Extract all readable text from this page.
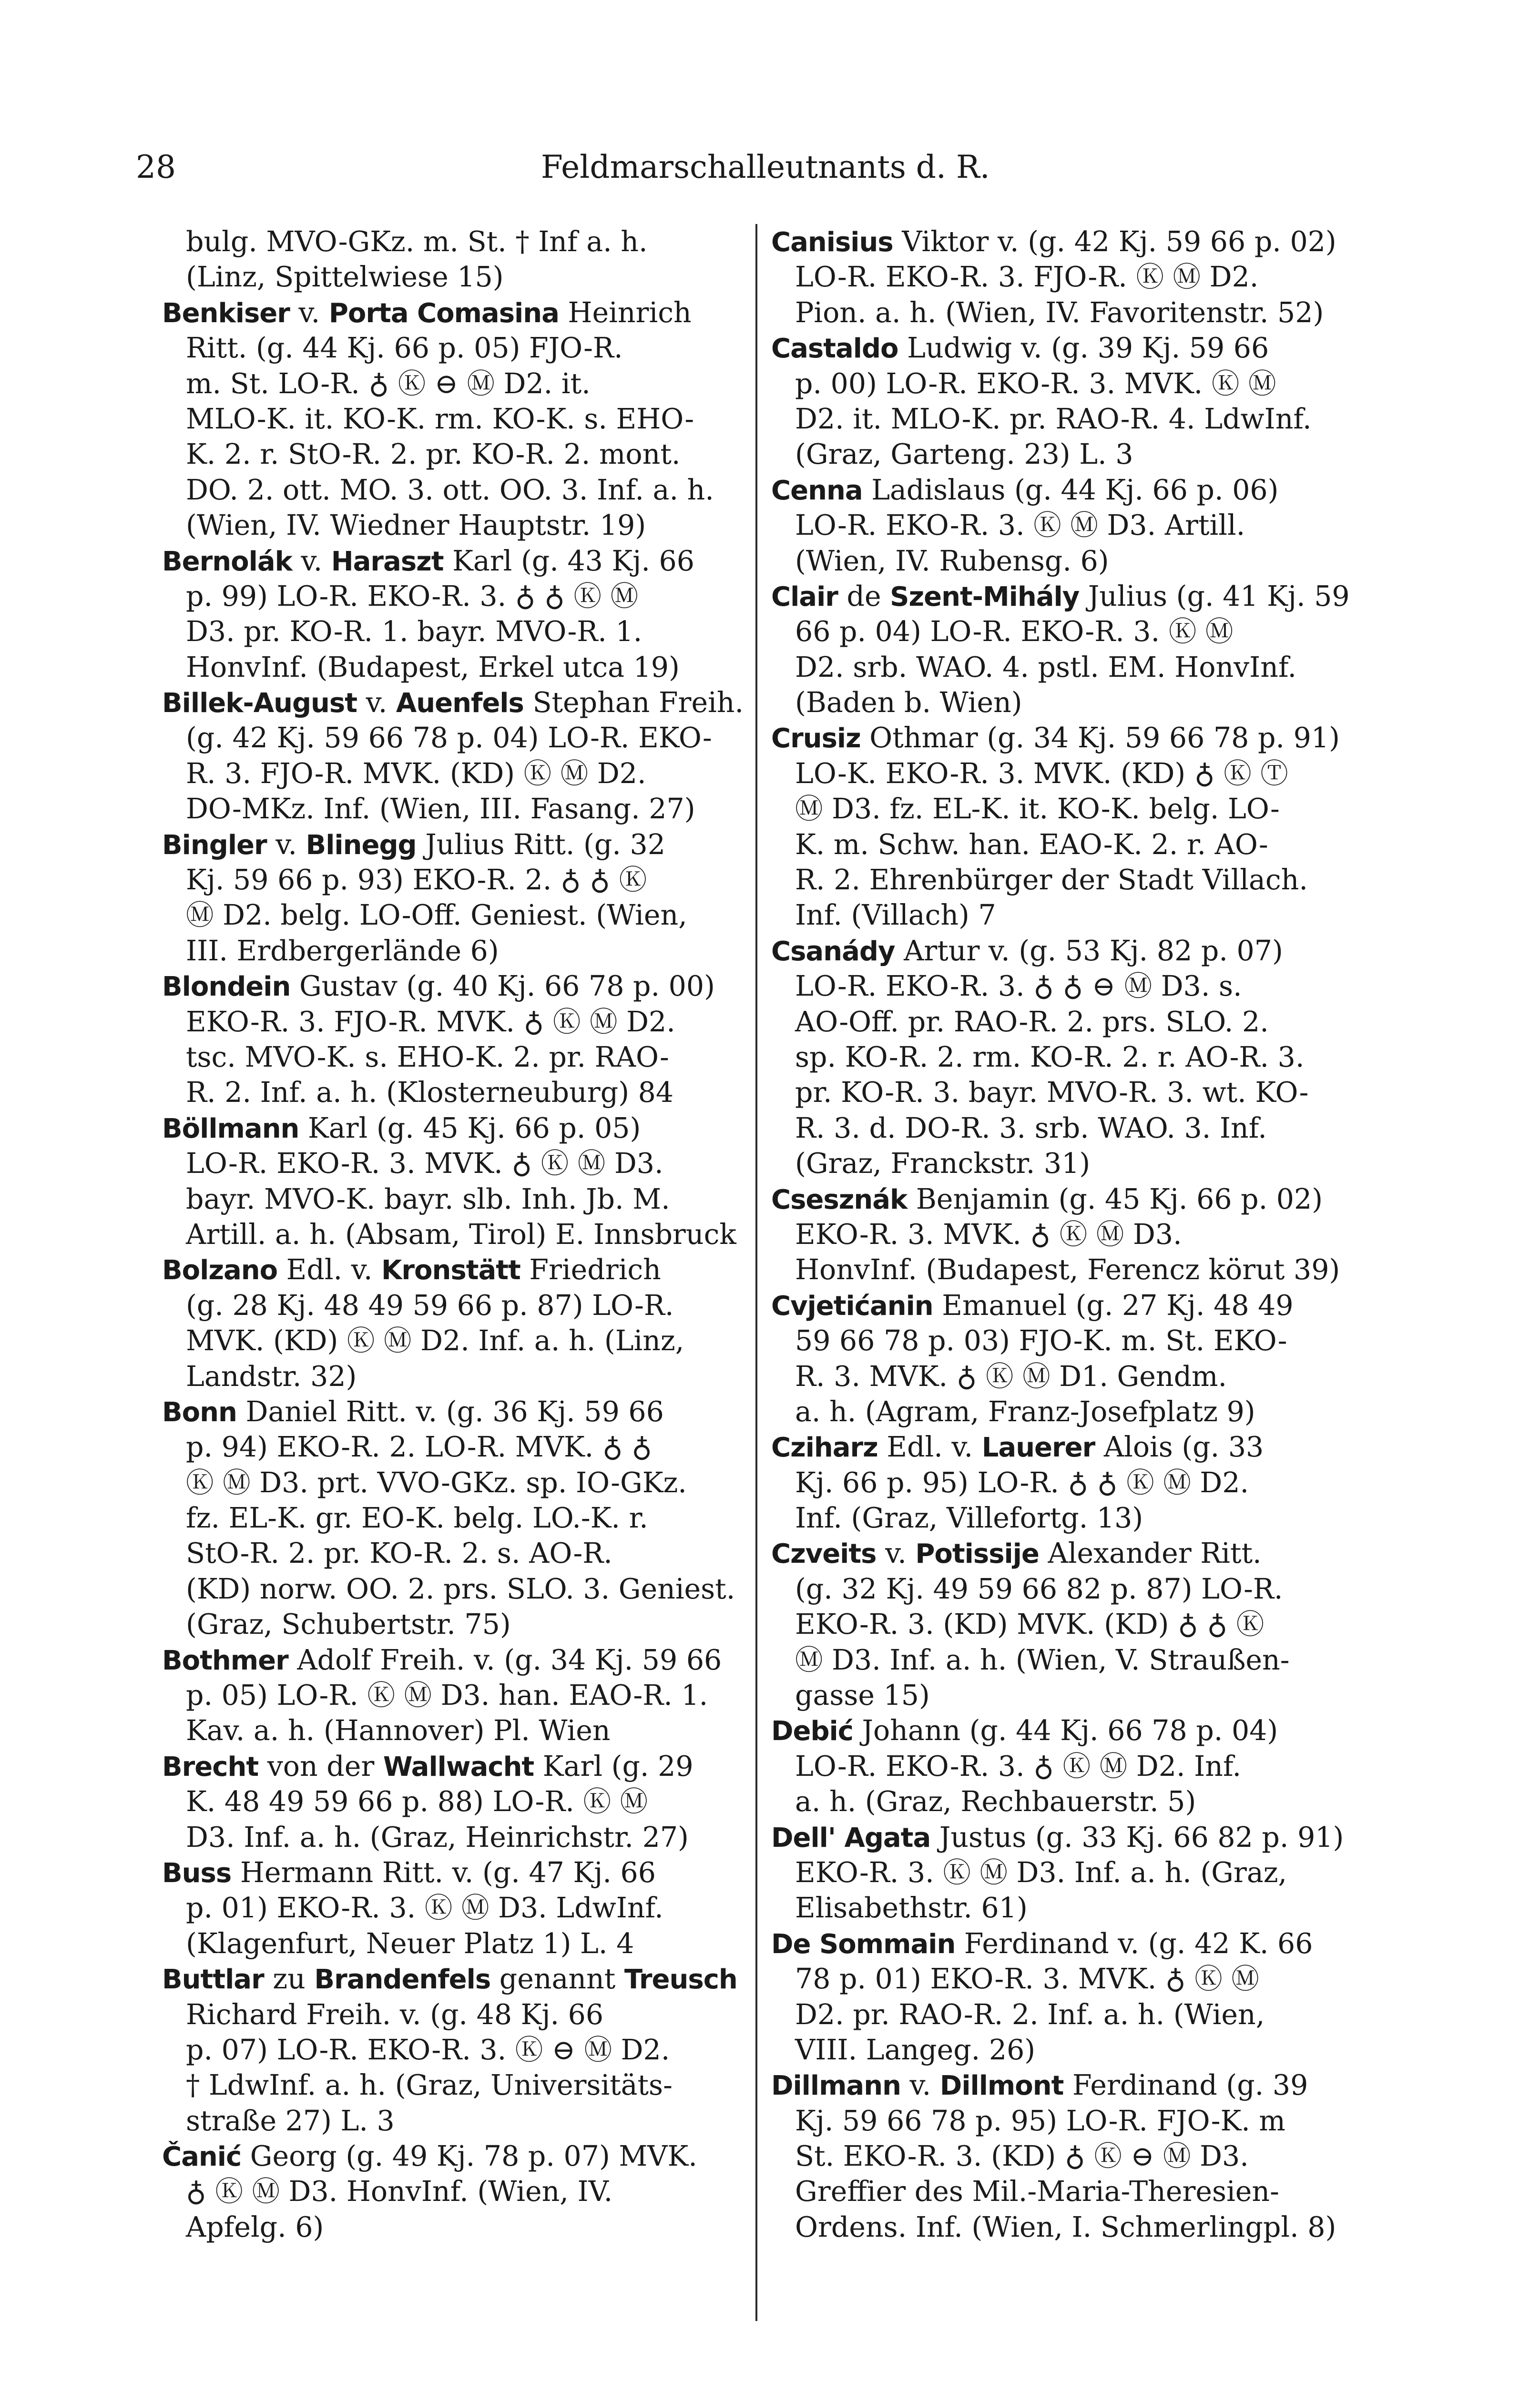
28	Feldmarschalleutnants d. R.
bulg. MVO-GKz. m. St. † Inf a. h.
(Linz, Spittelwiese 15)
Benkiser v. Porta Comasina Heinrich
Ritt. (g. 44 Kj. 66 p. 05) FJO-R.
m. St. LO-R. ♁ Ⓚ ⊖ Ⓜ D2. it.
MLO-K. it. KO-K. rm. KO-K. s. EHO-
K. 2. r. StO-R. 2. pr. KO-R. 2. mont.
DO. 2. ott. MO. 3. ott. OO. 3. Inf. a. h.
(Wien, IV. Wiedner Hauptstr. 19)
Bernolák v. Haraszt Karl (g. 43 Kj. 66
p. 99) LO-R. EKO-R. 3. ♁ ♁ Ⓚ Ⓜ
D3. pr. KO-R. 1. bayr. MVO-R. 1.
HonvInf. (Budapest, Erkel utca 19)
Billek-August v. Auenfels Stephan Freih.
(g. 42 Kj. 59 66 78 p. 04) LO-R. EKO-
R. 3. FJO-R. MVK. (KD) Ⓚ Ⓜ D2.
DO-MKz. Inf. (Wien, III. Fasang. 27)
Bingler v. Blinegg Julius Ritt. (g. 32
Kj. 59 66 p. 93) EKO-R. 2. ♁ ♁ Ⓚ
Ⓜ D2. belg. LO-Off. Geniest. (Wien,
III. Erdbergerlände 6)
Blondein Gustav (g. 40 Kj. 66 78 p. 00)
EKO-R. 3. FJO-R. MVK. ♁ Ⓚ Ⓜ D2.
tsc. MVO-K. s. EHO-K. 2. pr. RAO-
R. 2. Inf. a. h. (Klosterneuburg) 84
Böllmann Karl (g. 45 Kj. 66 p. 05)
LO-R. EKO-R. 3. MVK. ♁ Ⓚ Ⓜ D3.
bayr. MVO-K. bayr. slb. Inh. Jb. M.
Artill. a. h. (Absam, Tirol) E. Innsbruck
Bolzano Edl. v. Kronstätt Friedrich
(g. 28 Kj. 48 49 59 66 p. 87) LO-R.
MVK. (KD) Ⓚ Ⓜ D2. Inf. a. h. (Linz,
Landstr. 32)
Bonn Daniel Ritt. v. (g. 36 Kj. 59 66
p. 94) EKO-R. 2. LO-R. MVK. ♁ ♁
Ⓚ Ⓜ D3. prt. VVO-GKz. sp. IO-GKz.
fz. EL-K. gr. EO-K. belg. LO.-K. r.
StO-R. 2. pr. KO-R. 2. s. AO-R.
(KD) norw. OO. 2. prs. SLO. 3. Geniest.
(Graz, Schubertstr. 75)
Bothmer Adolf Freih. v. (g. 34 Kj. 59 66
p. 05) LO-R. Ⓚ Ⓜ D3. han. EAO-R. 1.
Kav. a. h. (Hannover) Pl. Wien
Brecht von der Wallwacht Karl (g. 29
K. 48 49 59 66 p. 88) LO-R. Ⓚ Ⓜ
D3. Inf. a. h. (Graz, Heinrichstr. 27)
Buss Hermann Ritt. v. (g. 47 Kj. 66
p. 01) EKO-R. 3. Ⓚ Ⓜ D3. LdwInf.
(Klagenfurt, Neuer Platz 1) L. 4
Buttlar zu Brandenfels genannt Treusch
Richard Freih. v. (g. 48 Kj. 66
p. 07) LO-R. EKO-R. 3. Ⓚ ⊖ Ⓜ D2.
† LdwInf. a. h. (Graz, Universitäts-
straße 27) L. 3
Čanić Georg (g. 49 Kj. 78 p. 07) MVK.
♁ Ⓚ Ⓜ D3. HonvInf. (Wien, IV.
Apfelg. 6)
Canisius Viktor v. (g. 42 Kj. 59 66 p. 02)
LO-R. EKO-R. 3. FJO-R. Ⓚ Ⓜ D2.
Pion. a. h. (Wien, IV. Favoritenstr. 52)
Castaldo Ludwig v. (g. 39 Kj. 59 66
p. 00) LO-R. EKO-R. 3. MVK. Ⓚ Ⓜ
D2. it. MLO-K. pr. RAO-R. 4. LdwInf.
(Graz, Garteng. 23) L. 3
Cenna Ladislaus (g. 44 Kj. 66 p. 06)
LO-R. EKO-R. 3. Ⓚ Ⓜ D3. Artill.
(Wien, IV. Rubensg. 6)
Clair de Szent-Mihály Julius (g. 41 Kj. 59
66 p. 04) LO-R. EKO-R. 3. Ⓚ Ⓜ
D2. srb. WAO. 4. pstl. EM. HonvInf.
(Baden b. Wien)
Crusiz Othmar (g. 34 Kj. 59 66 78 p. 91)
LO-K. EKO-R. 3. MVK. (KD) ♁ Ⓚ Ⓣ
Ⓜ D3. fz. EL-K. it. KO-K. belg. LO-
K. m. Schw. han. EAO-K. 2. r. AO-
R. 2. Ehrenbürger der Stadt Villach.
Inf. (Villach) 7
Csanády Artur v. (g. 53 Kj. 82 p. 07)
LO-R. EKO-R. 3. ♁ ♁ ⊖ Ⓜ D3. s.
AO-Off. pr. RAO-R. 2. prs. SLO. 2.
sp. KO-R. 2. rm. KO-R. 2. r. AO-R. 3.
pr. KO-R. 3. bayr. MVO-R. 3. wt. KO-
R. 3. d. DO-R. 3. srb. WAO. 3. Inf.
(Graz, Franckstr. 31)
Csesznák Benjamin (g. 45 Kj. 66 p. 02)
EKO-R. 3. MVK. ♁ Ⓚ Ⓜ D3.
HonvInf. (Budapest, Ferencz körut 39)
Cvjetićanin Emanuel (g. 27 Kj. 48 49
59 66 78 p. 03) FJO-K. m. St. EKO-
R. 3. MVK. ♁ Ⓚ Ⓜ D1. Gendm.
a. h. (Agram, Franz-Josefplatz 9)
Cziharz Edl. v. Lauerer Alois (g. 33
Kj. 66 p. 95) LO-R. ♁ ♁ Ⓚ Ⓜ D2.
Inf. (Graz, Villefortg. 13)
Czveits v. Potissije Alexander Ritt.
(g. 32 Kj. 49 59 66 82 p. 87) LO-R.
EKO-R. 3. (KD) MVK. (KD) ♁ ♁ Ⓚ
Ⓜ D3. Inf. a. h. (Wien, V. Straußen-
gasse 15)
Debić Johann (g. 44 Kj. 66 78 p. 04)
LO-R. EKO-R. 3. ♁ Ⓚ Ⓜ D2. Inf.
a. h. (Graz, Rechbauerstr. 5)
Dell' Agata Justus (g. 33 Kj. 66 82 p. 91)
EKO-R. 3. Ⓚ Ⓜ D3. Inf. a. h. (Graz,
Elisabethstr. 61)
De Sommain Ferdinand v. (g. 42 K. 66
78 p. 01) EKO-R. 3. MVK. ♁ Ⓚ Ⓜ
D2. pr. RAO-R. 2. Inf. a. h. (Wien,
VIII. Langeg. 26)
Dillmann v. Dillmont Ferdinand (g. 39
Kj. 59 66 78 p. 95) LO-R. FJO-K. m
St. EKO-R. 3. (KD) ♁ Ⓚ ⊖ Ⓜ D3.
Greffier des Mil.-Maria-Theresien-
Ordens. Inf. (Wien, I. Schmerlingpl. 8)
